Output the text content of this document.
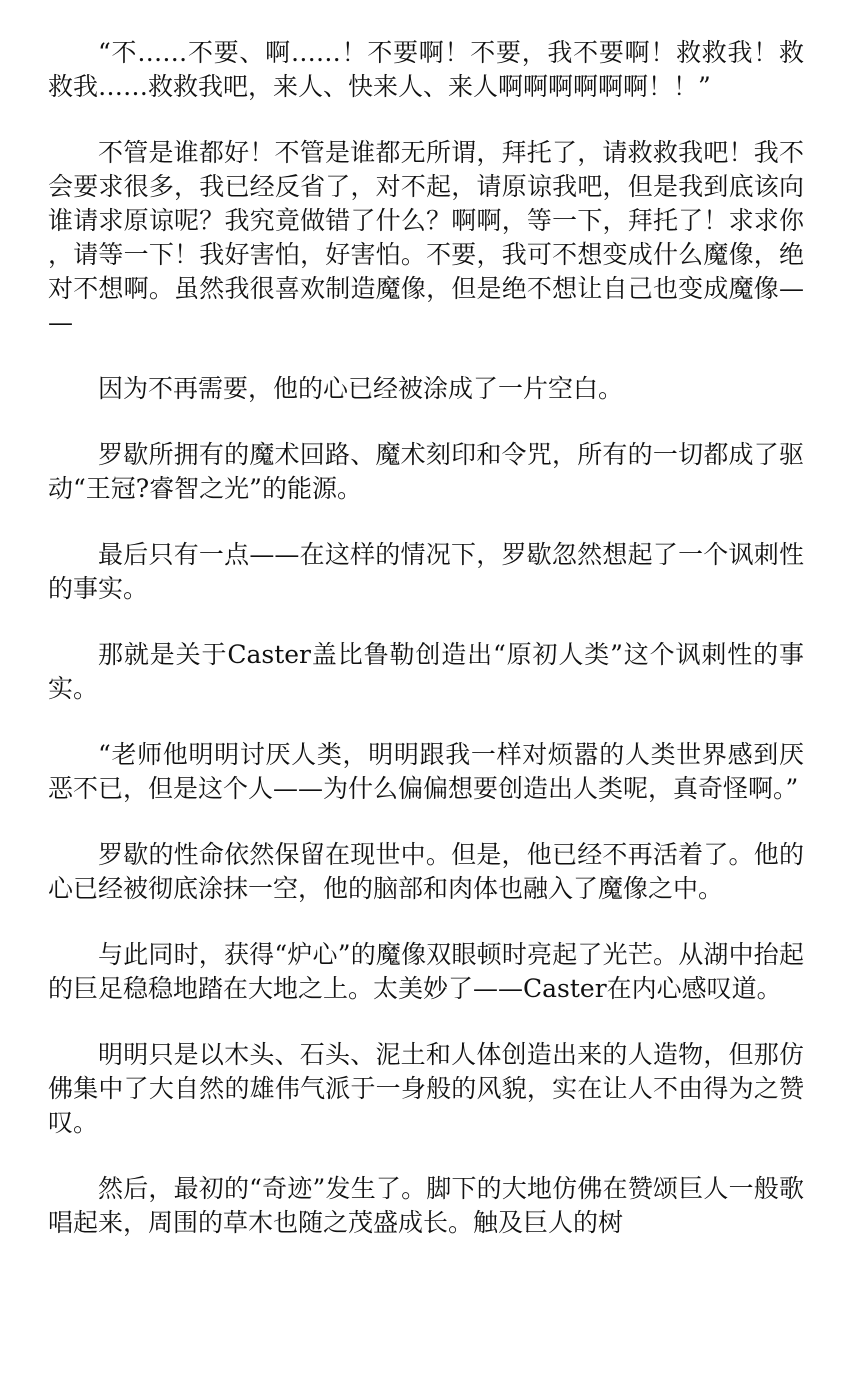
“不……不要、啊……！不要啊！不要，我不要啊！救救我！救救我……救救我吧，来人、快来人、来人啊啊啊啊啊啊！！”

不管是谁都好！不管是谁都无所谓，拜托了，请救救我吧！我不会要求很多，我已经反省了，对不起，请原谅我吧，但是我到底该向谁请求原谅呢？我究竟做错了什么？啊啊，等一下，拜托了！求求你，请等一下！我好害怕，好害怕。不要，我可不想变成什么魔像，绝对不想啊。虽然我很喜欢制造魔像，但是绝不想让自己也变成魔像——

因为不再需要，他的心已经被涂成了一片空白。

罗歇所拥有的魔术回路、魔术刻印和令咒，所有的一切都成了驱动“王冠?睿智之光”的能源。

最后只有一点——在这样的情况下，罗歇忽然想起了一个讽刺性的事实。

那就是关于Caster盖比鲁勒创造出“原初人类”这个讽刺性的事实。

“老师他明明讨厌人类，明明跟我一样对烦嚣的人类世界感到厌恶不已，但是这个人——为什么偏偏想要创造出人类呢，真奇怪啊。”

罗歇的性命依然保留在现世中。但是，他已经不再活着了。他的心已经被彻底涂抹一空，他的脑部和肉体也融入了魔像之中。

与此同时，获得“炉心”的魔像双眼顿时亮起了光芒。从湖中抬起的巨足稳稳地踏在大地之上。太美妙了——Caster在内心感叹道。

明明只是以木头、石头、泥土和人体创造出来的人造物，但那仿佛集中了大自然的雄伟气派于一身般的风貌，实在让人不由得为之赞叹。

然后，最初的“奇迹”发生了。脚下的大地仿佛在赞颂巨人一般歌唱起来，周围的草木也随之茂盛成长。触及巨人的树
